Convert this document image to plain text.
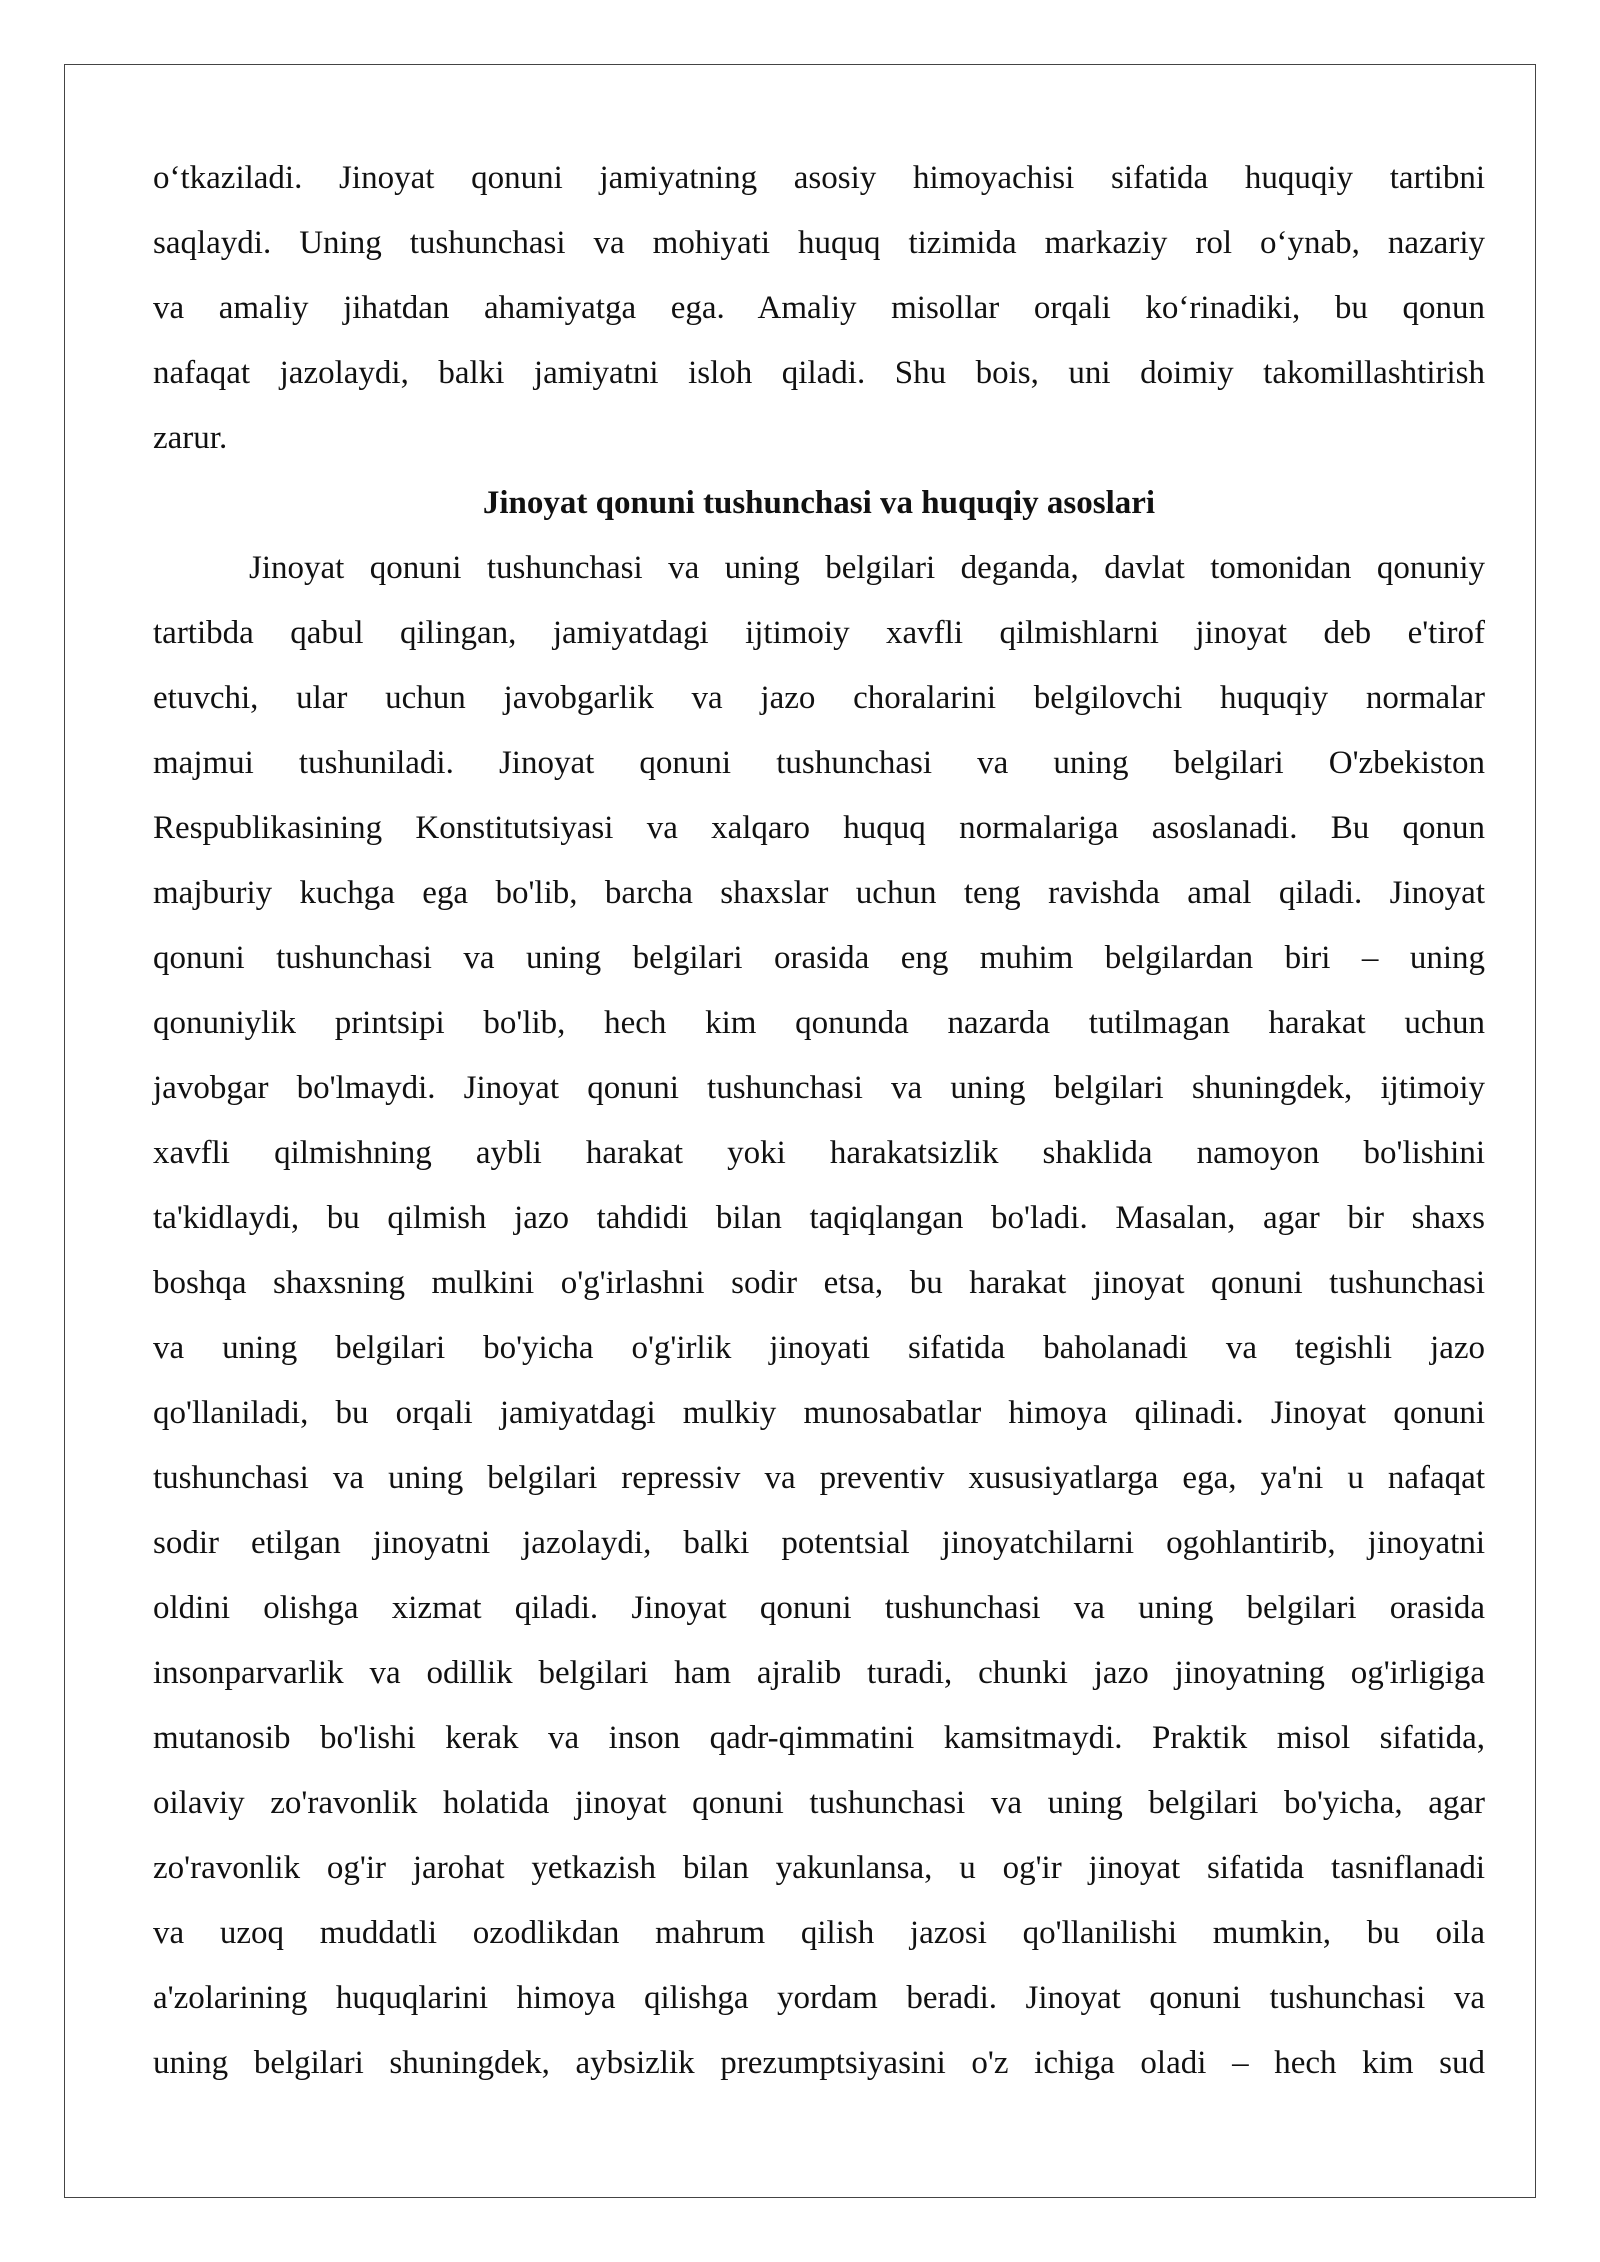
o‘tkaziladi. Jinoyat qonuni jamiyatning asosiy himoyachisi sifatida huquqiy tartibni

saqlaydi. Uning tushunchasi va mohiyati huquq tizimida markaziy rol o‘ynab, nazariy

va amaliy jihatdan ahamiyatga ega. Amaliy misollar orqali ko‘rinadiki, bu qonun

nafaqat jazolaydi, balki jamiyatni isloh qiladi. Shu bois, uni doimiy takomillashtirish

zarur.

Jinoyat qonuni tushunchasi va huquqiy asoslari

Jinoyat qonuni tushunchasi va uning belgilari deganda, davlat tomonidan qonuniy

tartibda qabul qilingan, jamiyatdagi ijtimoiy xavfli qilmishlarni jinoyat deb e'tirof

etuvchi, ular uchun javobgarlik va jazo choralarini belgilovchi huquqiy normalar

majmui tushuniladi. Jinoyat qonuni tushunchasi va uning belgilari O'zbekiston

Respublikasining Konstitutsiyasi va xalqaro huquq normalariga asoslanadi. Bu qonun

majburiy kuchga ega bo'lib, barcha shaxslar uchun teng ravishda amal qiladi. Jinoyat

qonuni tushunchasi va uning belgilari orasida eng muhim belgilardan biri – uning

qonuniylik printsipi bo'lib, hech kim qonunda nazarda tutilmagan harakat uchun

javobgar bo'lmaydi. Jinoyat qonuni tushunchasi va uning belgilari shuningdek, ijtimoiy

xavfli qilmishning aybli harakat yoki harakatsizlik shaklida namoyon bo'lishini

ta'kidlaydi, bu qilmish jazo tahdidi bilan taqiqlangan bo'ladi. Masalan, agar bir shaxs

boshqa shaxsning mulkini o'g'irlashni sodir etsa, bu harakat jinoyat qonuni tushunchasi

va uning belgilari bo'yicha o'g'irlik jinoyati sifatida baholanadi va tegishli jazo

qo'llaniladi, bu orqali jamiyatdagi mulkiy munosabatlar himoya qilinadi. Jinoyat qonuni

tushunchasi va uning belgilari repressiv va preventiv xususiyatlarga ega, ya'ni u nafaqat

sodir etilgan jinoyatni jazolaydi, balki potentsial jinoyatchilarni ogohlantirib, jinoyatni

oldini olishga xizmat qiladi. Jinoyat qonuni tushunchasi va uning belgilari orasida

insonparvarlik va odillik belgilari ham ajralib turadi, chunki jazo jinoyatning og'irligiga

mutanosib bo'lishi kerak va inson qadr-qimmatini kamsitmaydi. Praktik misol sifatida,

oilaviy zo'ravonlik holatida jinoyat qonuni tushunchasi va uning belgilari bo'yicha, agar

zo'ravonlik og'ir jarohat yetkazish bilan yakunlansa, u og'ir jinoyat sifatida tasniflanadi

va uzoq muddatli ozodlikdan mahrum qilish jazosi qo'llanilishi mumkin, bu oila

a'zolarining huquqlarini himoya qilishga yordam beradi. Jinoyat qonuni tushunchasi va

uning belgilari shuningdek, aybsizlik prezumptsiyasini o'z ichiga oladi – hech kim sud
